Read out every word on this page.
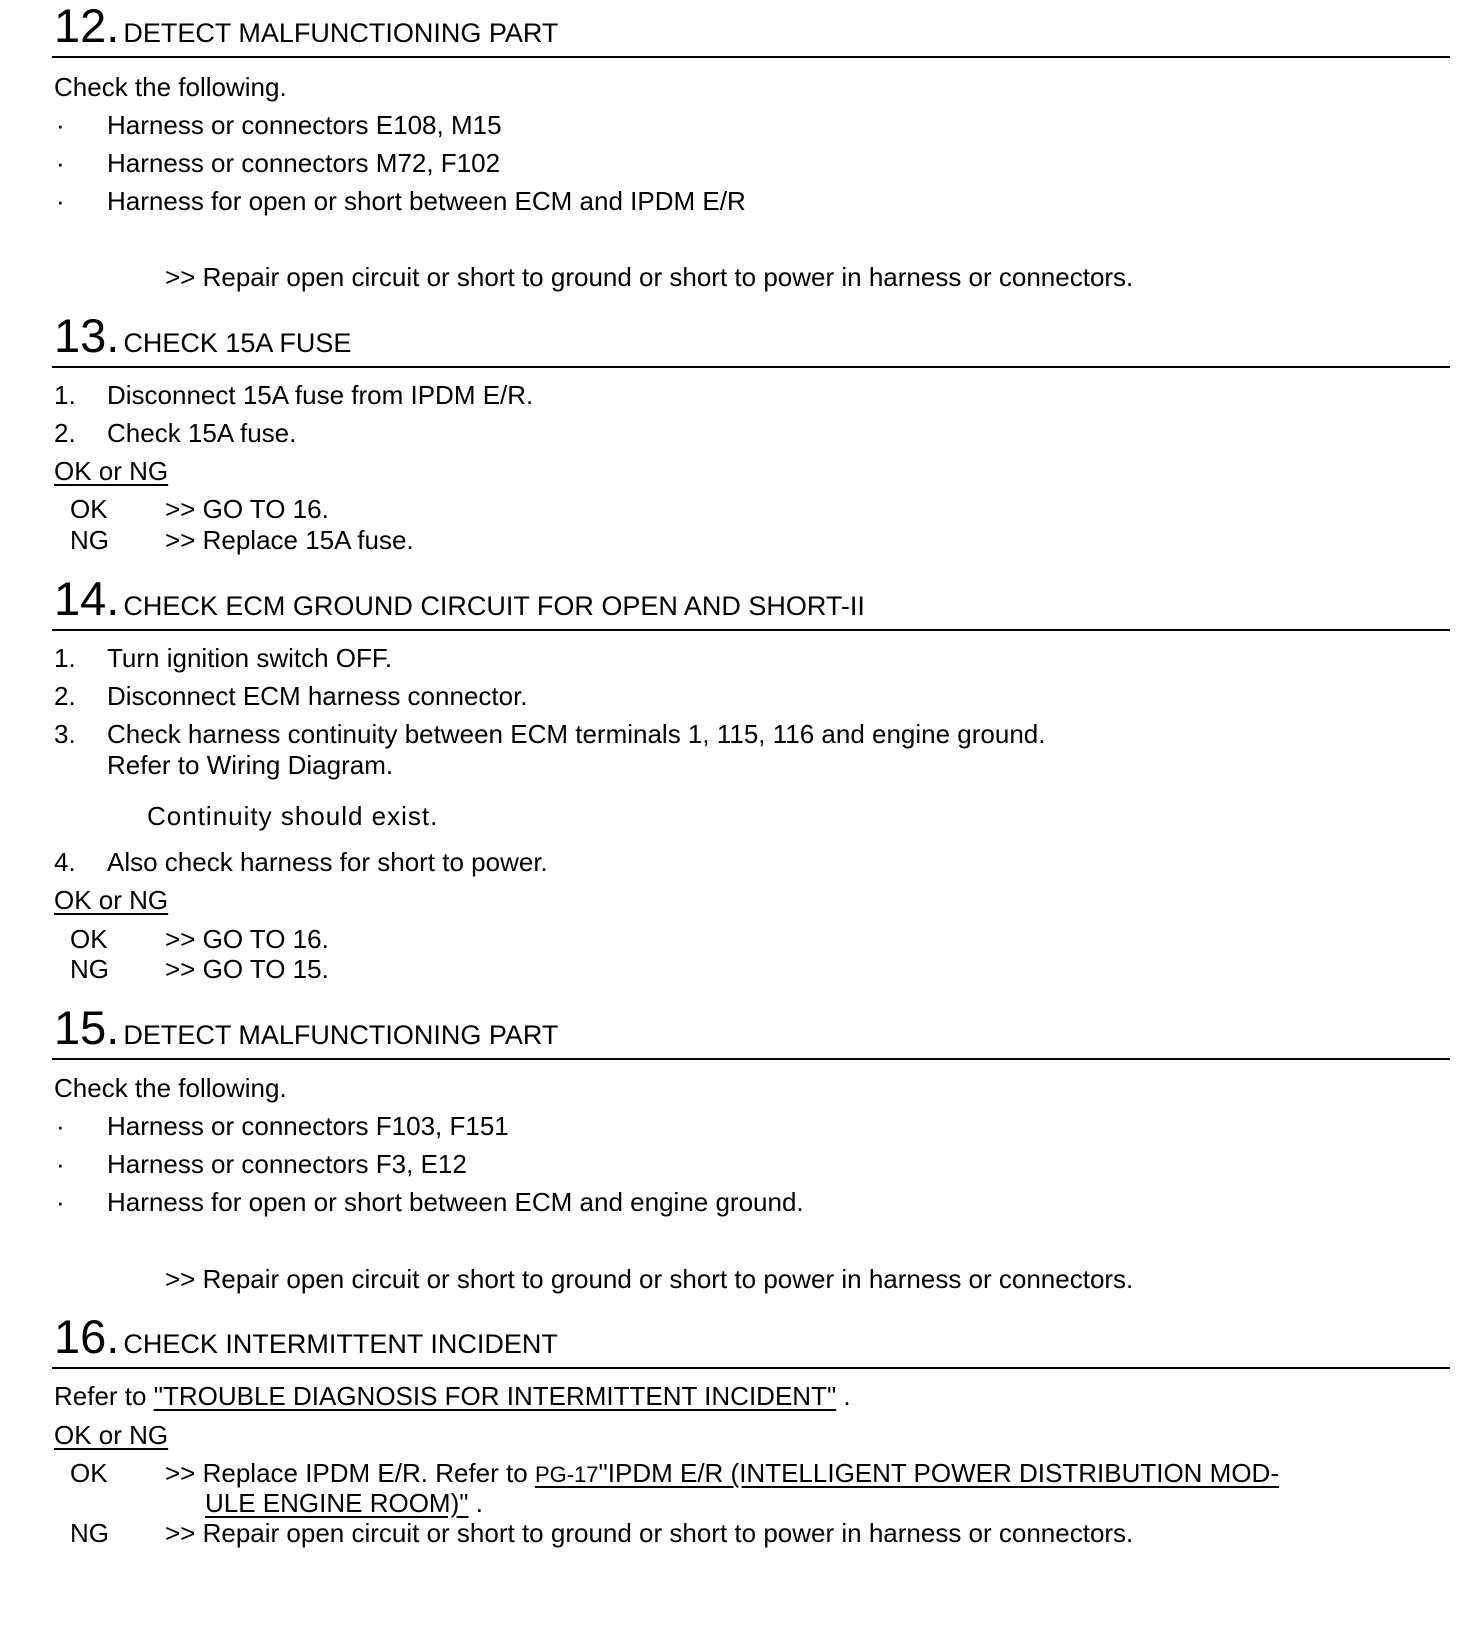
12. DETECT MALFUNCTIONING PART
Check the following.
· Harness or connectors E108, M15
· Harness or connectors M72, F102
· Harness for open or short between ECM and IPDM E/R
>> Repair open circuit or short to ground or short to power in harness or connectors.
13. CHECK 15A FUSE
1. Disconnect 15A fuse from IPDM E/R.
2. Check 15A fuse.
OK or NG
OK >> GO TO 16.
NG >> Replace 15A fuse.
14. CHECK ECM GROUND CIRCUIT FOR OPEN AND SHORT-II
1. Turn ignition switch OFF.
2. Disconnect ECM harness connector.
3. Check harness continuity between ECM terminals 1, 115, 116 and engine ground.
Refer to Wiring Diagram.
Continuity should exist.
4. Also check harness for short to power.
OK or NG
OK >> GO TO 16.
NG >> GO TO 15.
15. DETECT MALFUNCTIONING PART
Check the following.
· Harness or connectors F103, F151
· Harness or connectors F3, E12
· Harness for open or short between ECM and engine ground.
>> Repair open circuit or short to ground or short to power in harness or connectors.
16. CHECK INTERMITTENT INCIDENT
Refer to "TROUBLE DIAGNOSIS FOR INTERMITTENT INCIDENT" .
OK or NG
OK >> Replace IPDM E/R. Refer to PG-17"IPDM E/R (INTELLIGENT POWER DISTRIBUTION MOD-
ULE ENGINE ROOM)" .
NG >> Repair open circuit or short to ground or short to power in harness or connectors.
